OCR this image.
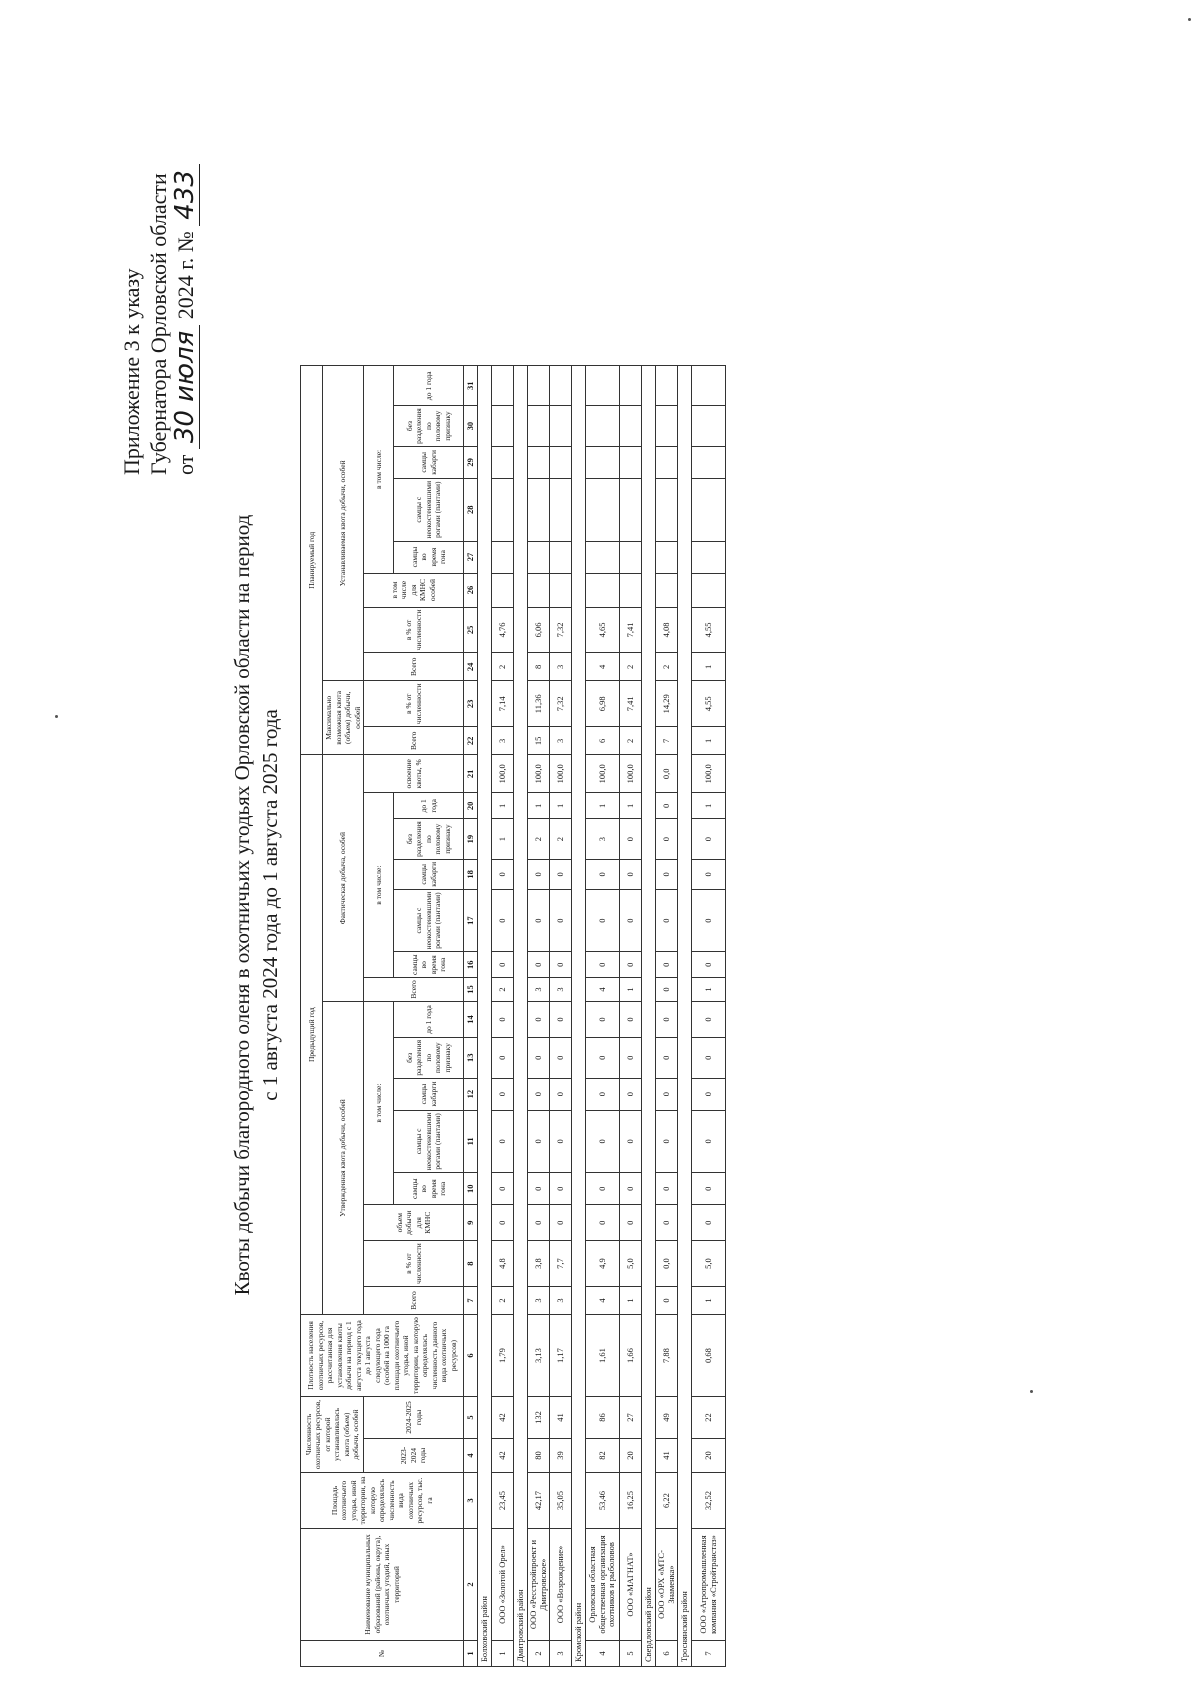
Приложение 3 к указу Губернатора Орловской области от 30 июля 2024 г. № 433
Квоты добычи благородного оленя в охотничьих угодьях Орловской области на период с 1 августа 2024 года до 1 августа 2025 года
№	Наименование муниципальных образований (районы, округа), охотничьих угодий, иных территорий	Площадь охотничьего угодья, иной территории, на которую определялась численность вида охотничьих ресурсов, тыс. га	Численность охотничьих ресурсов, от которой устанавливалась квота (объем) добычи, особей		Плотность населения охотничьих ресурсов, рассчитанная для установления квоты добычи на период с 1 августа текущего года до 1 августа следующего года (особей на 1000 га площади охотничьего угодья, иной территории, на которую определялась численность данного вида охотничьих ресурсов)	Предыдущий год															Планируемый год									
						Утвержденная квота добычи, особей								Фактическая добыча, особей							Максимально возможная квота (объем) добычи, особей		Устанавливаемая квота добычи, особей							
			2023-2024 годы	2024-2025 годы		Всего	в % от численности	объем добычи для КМНС	в том числе:					Всего	в том числе:					освоение квоты, %	Всего	в % от численности	Всего	в % от численности	в том числе для КМНС особей	в том числе:				
									самцы во время гона	самцы с неокостеневшими рогами (пантами)	самцы кабарги	без разделения по половому признаку	до 1 года		самцы во время гона	самцы с неокостеневшими рогами (пантами)	самцы кабарги	без разделения по половому признаку	до 1 года							самцы во время гона	самцы с неокостеневшими рогами (пантами)	самцы кабарги	без разделения по половому признаку	до 1 года
1	2	3	4	5	6	7	8	9	10	11	12	13	14	15	16	17	18	19	20	21	22	23	24	25	26	27	28	29	30	31
Болховский район																														
1	ООО «Золотой Орел»	23,45	42	42	1,79	2	4,8	0	0	0	0	0	0	2	0	0	0	1	1	100,0	3	7,14	2	4,76						
Дмитровский район																														
2	ООО «Ресстройпроект и Дмитровское»	42,17	80	132	3,13	3	3,8	0	0	0	0	0	0	3	0	0	0	2	1	100,0	15	11,36	8	6,06						
3	ООО «Возрождение»	35,05	39	41	1,17	3	7,7	0	0	0	0	0	0	3	0	0	0	2	1	100,0	3	7,32	3	7,32						
Кромской район																														
4	Орловская областная общественная организация охотников и рыболовов	53,46	82	86	1,61	4	4,9	0	0	0	0	0	0	4	0	0	0	3	1	100,0	6	6,98	4	4,65						
5	ООО «МАГНАТ»	16,25	20	27	1,66	1	5,0	0	0	0	0	0	0	1	0	0	0	0	1	100,0	2	7,41	2	7,41						
Свердловский район																														
6	ООО «ОРХ «МТС-Знаменка»	6,22	41	49	7,88	0	0,0	0	0	0	0	0	0	0	0	0	0	0	0	0,0	7	14,29	2	4,08						
Троснянский район																														
7	ООО «Агропромышленная компания «Стройтранстаз»	32,52	20	22	0,68	1	5,0	0	0	0	0	0	0	1	0	0	0	0	1	100,0	1	4,55	1	4,55						
